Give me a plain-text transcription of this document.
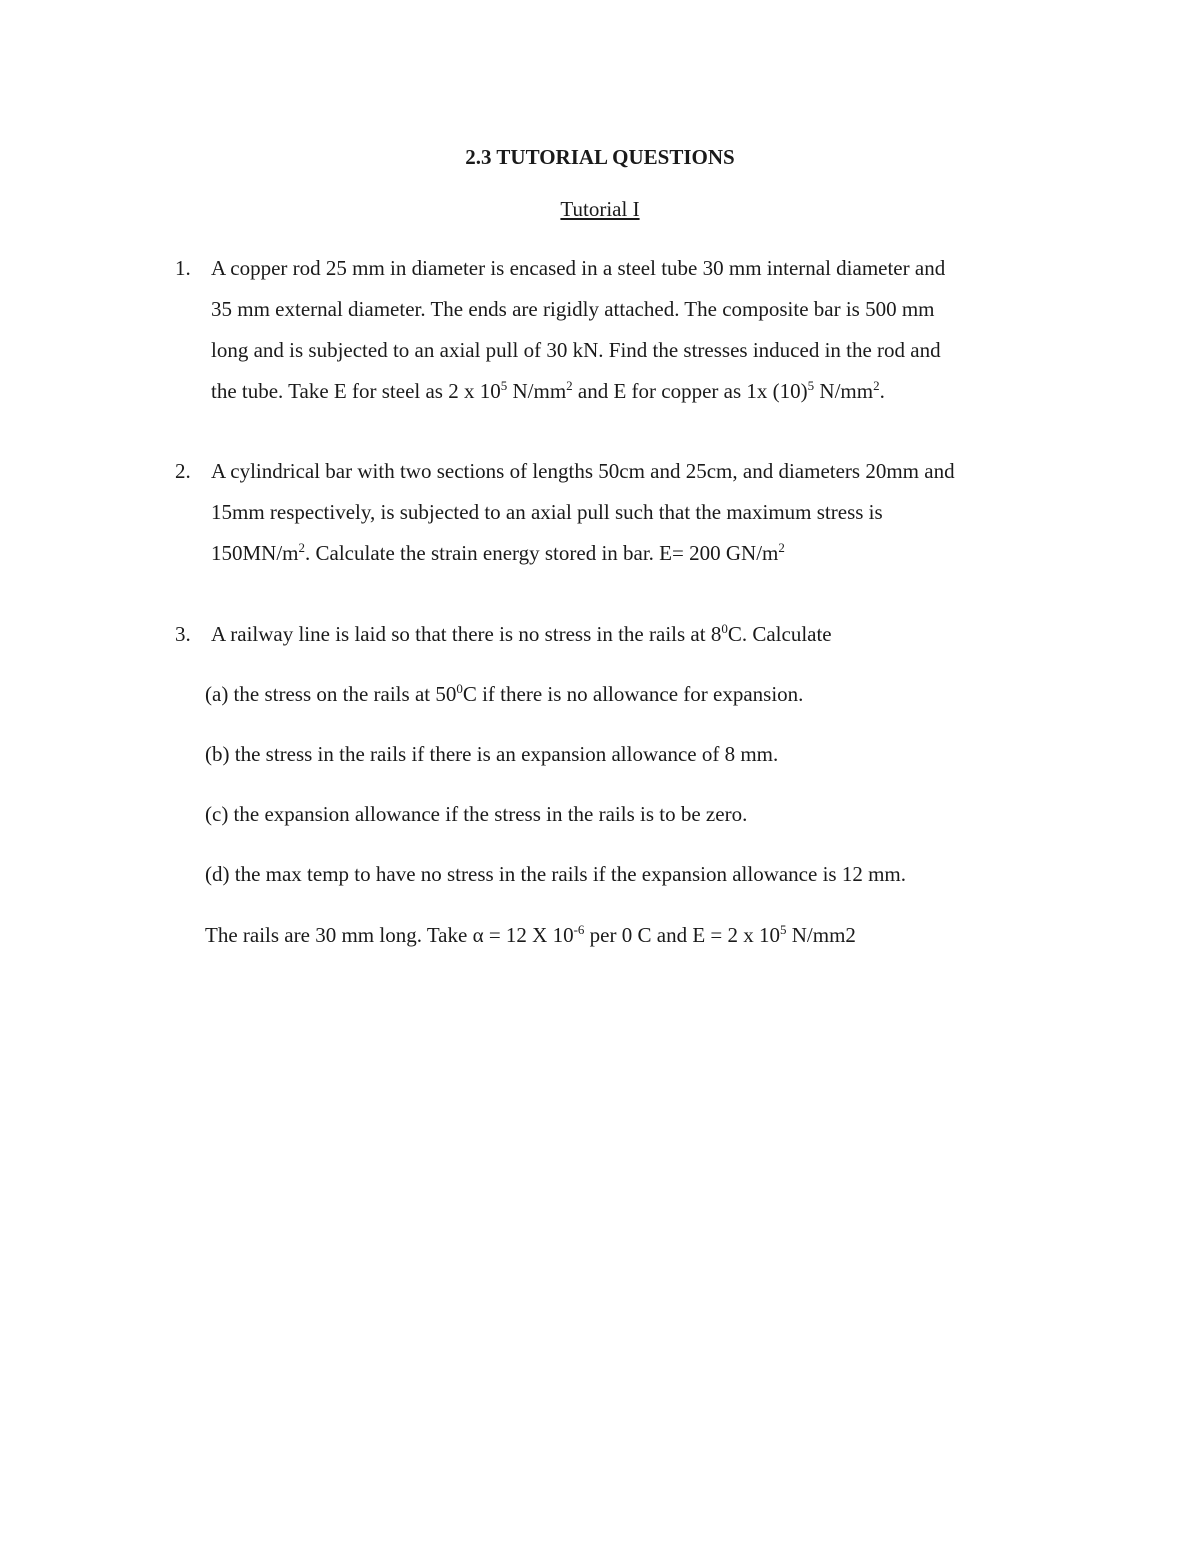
2.3 TUTORIAL QUESTIONS
Tutorial I
1. A copper rod 25 mm in diameter is encased in a steel tube 30 mm internal diameter and
35 mm external diameter. The ends are rigidly attached. The composite bar is 500 mm
long and is subjected to an axial pull of 30 kN. Find the stresses induced in the rod and
the tube. Take E for steel as 2 x $10^5$ $N/mm^2$ and E for copper as 1x $(10)^5$ $N/mm^2$.
2. A cylindrical bar with two sections of lengths 50cm and 25cm, and diameters 20mm and
15mm respectively, is subjected to an axial pull such that the maximum stress is
$150MN/m^2$. Calculate the strain energy stored in bar. E= 200 $GN/m^2$
3. A railway line is laid so that there is no stress in the rails at $8^0C$. Calculate
(a) the stress on the rails at $50^0C$ if there is no allowance for expansion.
(b) the stress in the rails if there is an expansion allowance of 8 mm.
(c) the expansion allowance if the stress in the rails is to be zero.
(d) the max temp to have no stress in the rails if the expansion allowance is 12 mm.
The rails are 30 mm long. Take α = 12 X $10^{-6}$ per 0 C and E = 2 x $10^5$ N/mm2
